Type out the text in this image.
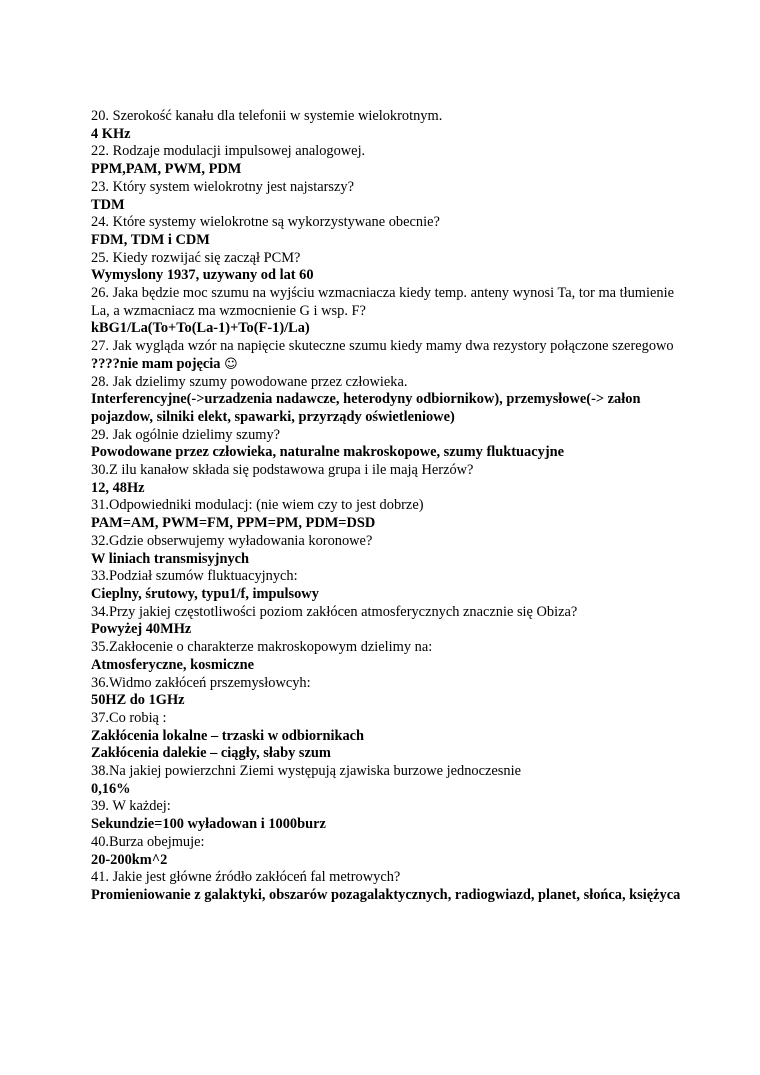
20. Szerokość kanału dla telefonii w systemie wielokrotnym.

4 KHz

22. Rodzaje modulacji impulsowej analogowej.

PPM,PAM, PWM, PDM

23. Który system wielokrotny jest najstarszy?

TDM

24. Które systemy wielokrotne są wykorzystywane obecnie?

FDM, TDM i CDM

25. Kiedy rozwijać się zaczął PCM?

Wymyslony 1937, uzywany od lat 60

26. Jaka będzie moc szumu na wyjściu wzmacniacza kiedy temp. anteny wynosi Ta, tor ma tłumienie La, a wzmacniacz ma wzmocnienie G i wsp. F?

kBG1/La(To+To(La-1)+To(F-1)/La)

27. Jak wygląda wzór na napięcie skuteczne szumu kiedy mamy dwa rezystory połączone szeregowo

????nie mam pojęcia ☺

28. Jak dzielimy szumy powodowane przez człowieka.

Interferencyjne(->urzadzenia nadawcze, heterodyny odbiornikow), przemysłowe(-> załon pojazdow, silniki elekt, spawarki, przyrządy oświetleniowe)

29. Jak ogólnie dzielimy szumy?

Powodowane przez człowieka, naturalne makroskopowe, szumy fluktuacyjne

30.Z ilu kanałow składa się podstawowa grupa i ile mają Herzów?

12, 48Hz

31.Odpowiedniki modulacj: (nie wiem czy to jest dobrze)

PAM=AM, PWM=FM, PPM=PM, PDM=DSD

32.Gdzie obserwujemy wyładowania koronowe?

W liniach transmisyjnych

33.Podział szumów fluktuacyjnych:

Cieplny, śrutowy, typu1/f, impulsowy

34.Przy jakiej częstotliwości poziom zakłócen atmosferycznych znacznie się Obiza?

Powyżej 40MHz

35.Zakłocenie o charakterze makroskopowym dzielimy na:

Atmosferyczne, kosmiczne

36.Widmo zakłóceń prszemysłowcyh:

50HZ do 1GHz

37.Co robią :

Zakłócenia lokalne – trzaski w odbiornikach

Zakłócenia dalekie – ciągły, słaby szum

38.Na jakiej powierzchni Ziemi występują zjawiska burzowe jednoczesnie

0,16%

39. W każdej:

Sekundzie=100 wyładowan i 1000burz

40.Burza obejmuje:

20-200km^2

41. Jakie jest główne źródło zakłóceń fal metrowych?

Promieniowanie z galaktyki, obszarów pozagalaktycznych, radiogwiazd, planet, słońca, księżyca
